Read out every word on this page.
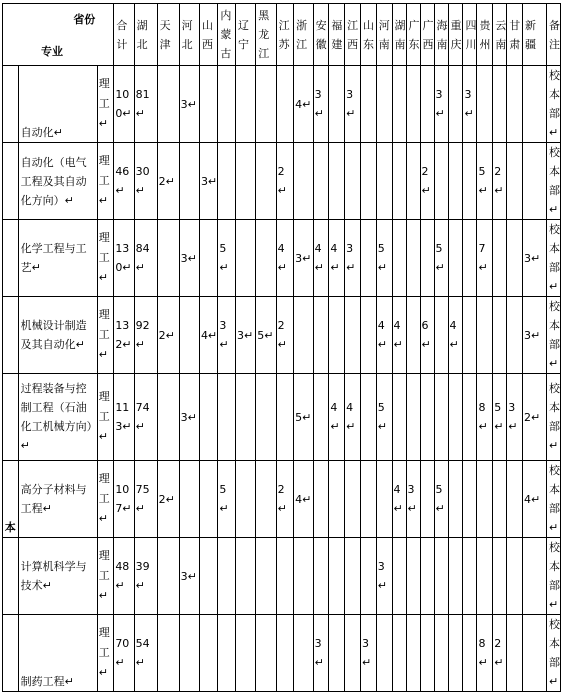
省份
专业			合计	湖北	天津	河北	山西	内蒙古	辽宁	黑龙江	江苏	浙江	安徽	福建	江西	山东	河南	湖南	广东	广西	海南	重庆	四川	贵州	云南	甘肃	新疆	备注
	自动化↵	理工↵	100↵	81↵		3↵						4↵	3↵		3↵						3↵		3↵					校本部↵
	自动化（电气工程及其自动化方向）↵	理工↵	46↵	30↵	2↵		3↵				2↵									2↵				5↵	2↵			校本部↵
	化学工程与工艺↵	理工↵	130↵	84↵		3↵		5↵			4↵	3↵	4↵	4↵	3↵		5↵				5↵			7↵			3↵	校本部↵
	机械设计制造及其自动化↵	理工↵	132↵	92↵	2↵		4↵	3↵	3↵	5↵	2↵						4↵	4↵		6↵		4↵					3↵	校本部↵
	过程装备与控制工程（石油化工机械方向）↵	理工↵	113↵	74↵		3↵						5↵		4↵	4↵		5↵							8↵	5↵	3↵	2↵	校本部↵
本	高分子材料与工程↵	理工↵	107↵	75↵	2↵			5↵			2↵	4↵						4↵	3↵		5↵						4↵	校本部↵
	计算机科学与技术↵	理工↵	48↵	39↵		3↵											3↵											校本部↵
	制药工程↵	理工↵	70↵	54↵									3↵			3↵								8↵	2↵			校本部↵
